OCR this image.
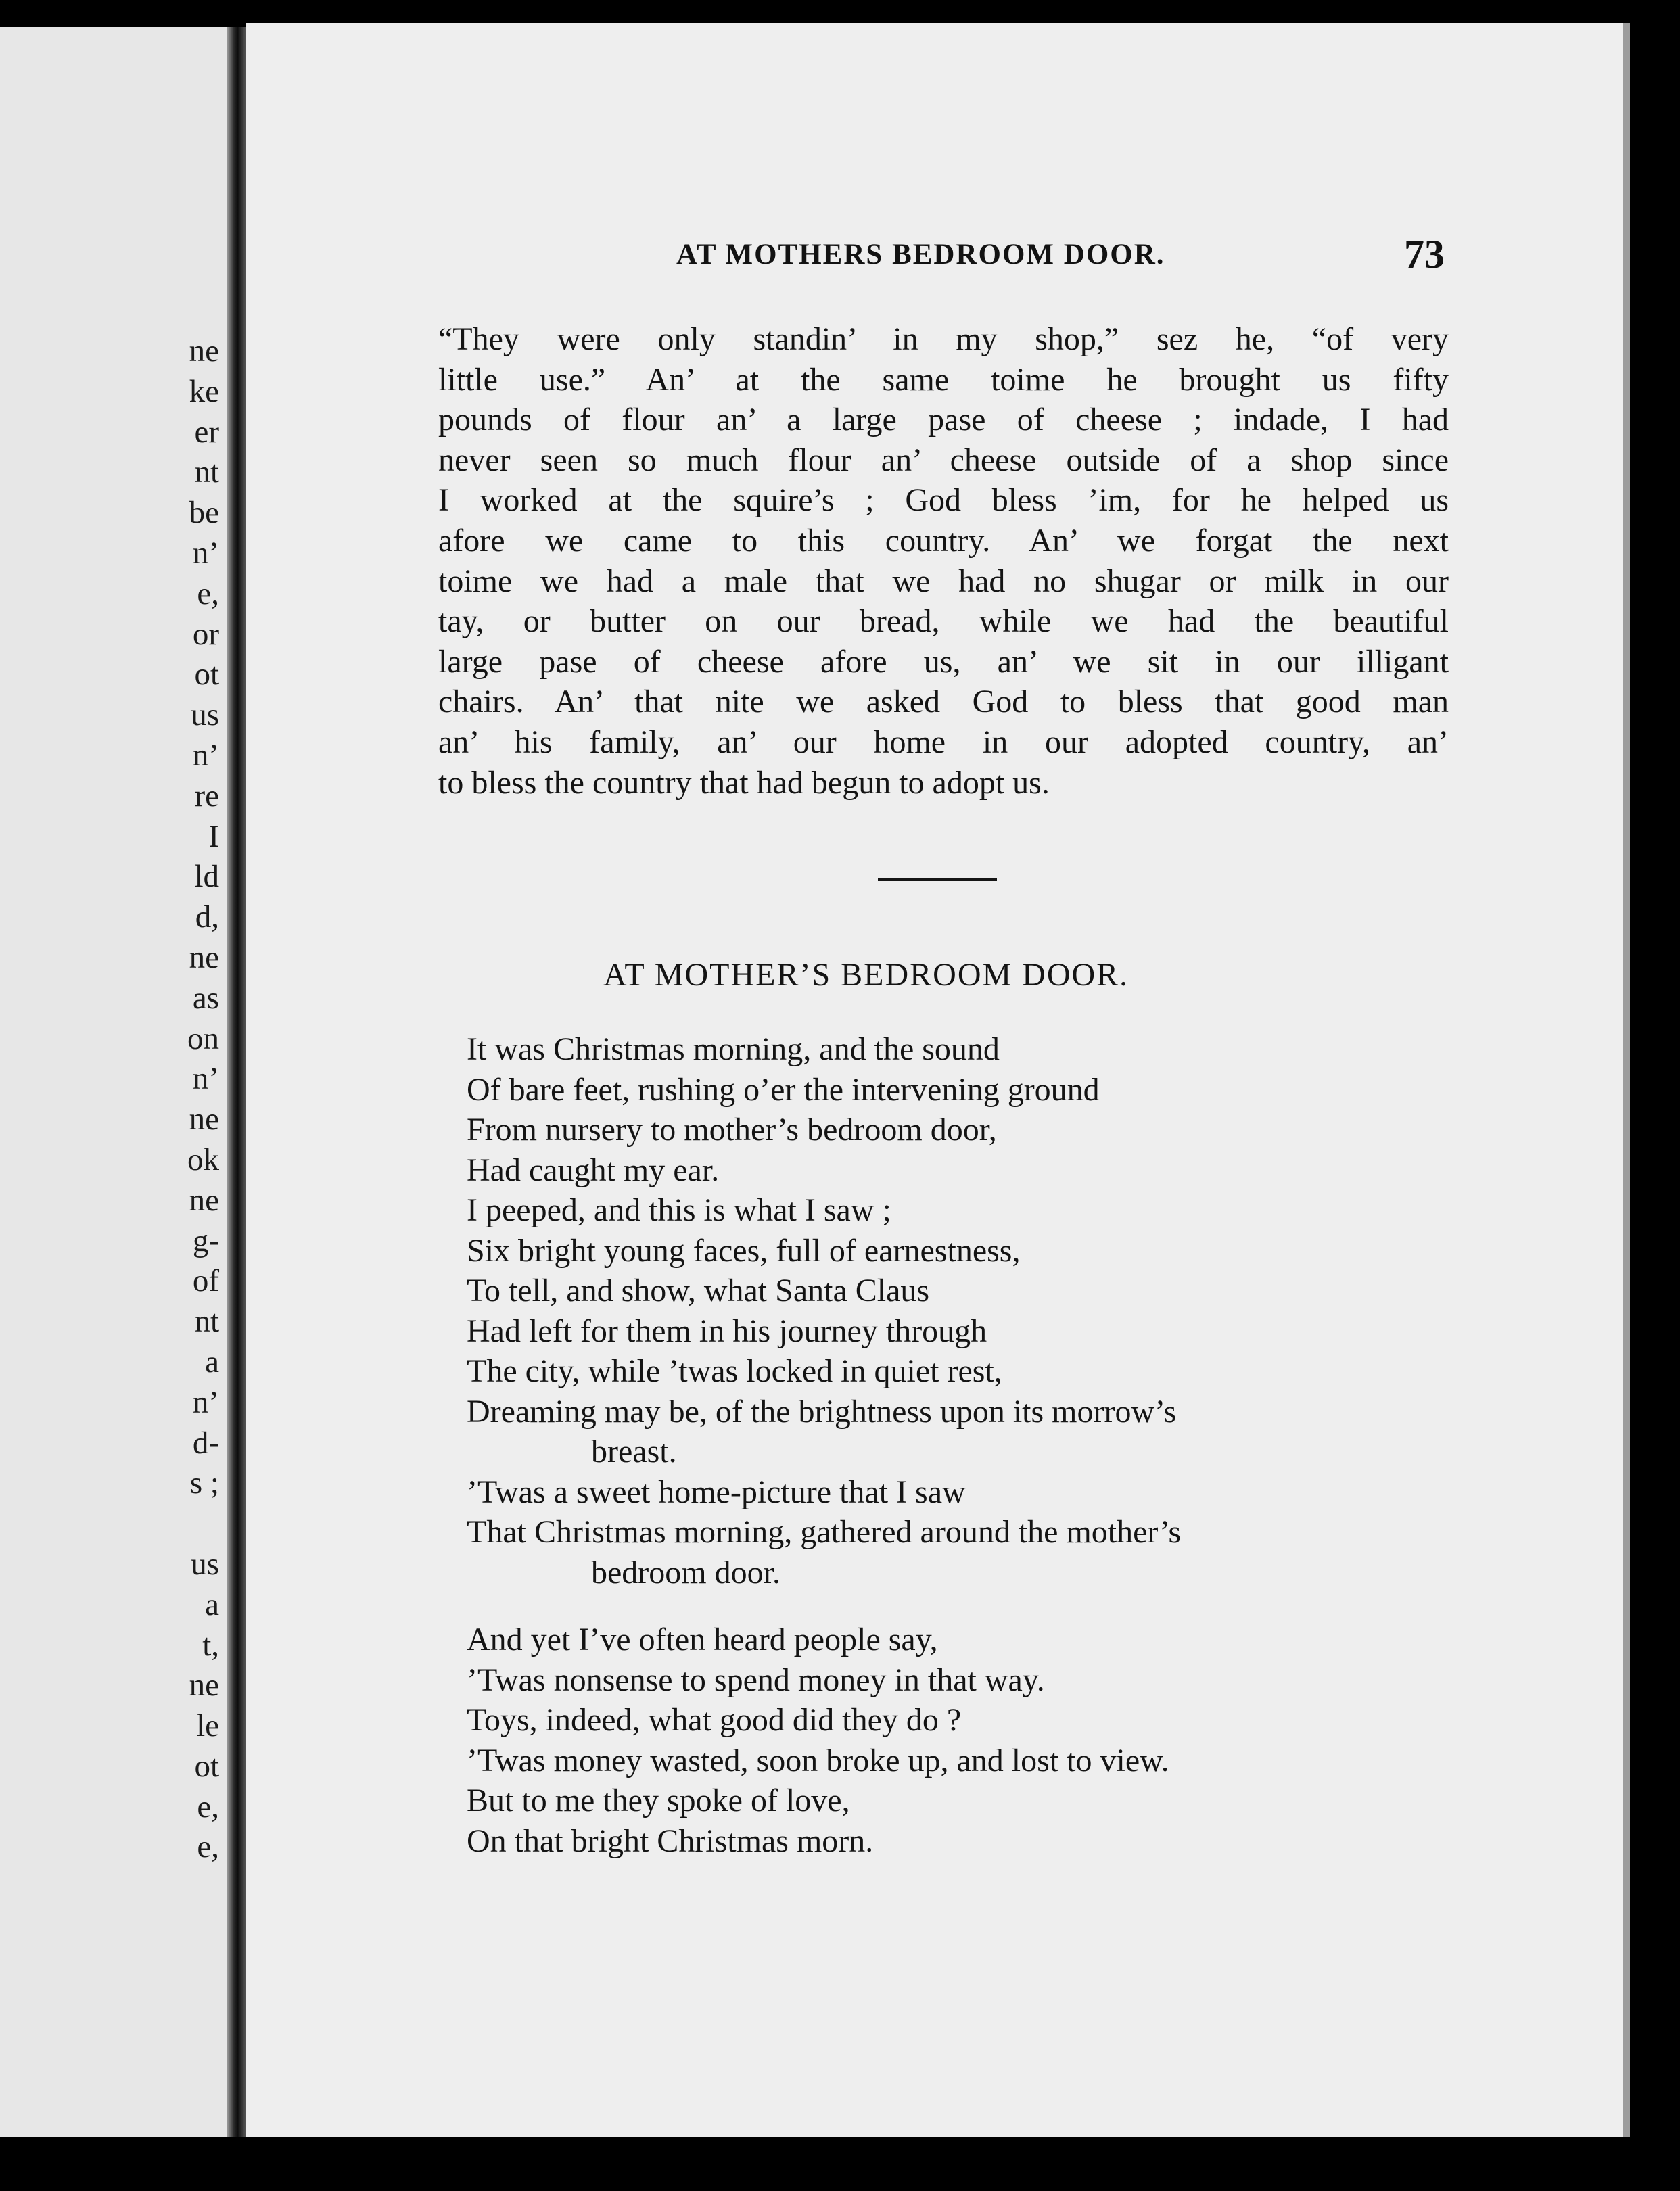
ne
ke
er
nt
be
n’
e,
or
ot
us
n’
re
I
ld
d,
ne
as
on
n’
ne
ok
ne
g-
of
nt
a
n’
d-
s ;
us
a
t,
ne
le
ot
e,
e,
AT MOTHERS BEDROOM DOOR.	73
“They were only standin’ in my shop,” sez he, “of very
little use.” An’ at the same toime he brought us fifty
pounds of flour an’ a large pase of cheese ; indade, I had
never seen so much flour an’ cheese outside of a shop since
I worked at the squire’s ; God bless ’im, for he helped us
afore we came to this country. An’ we forgat the next
toime we had a male that we had no shugar or milk in our
tay, or butter on our bread, while we had the beautiful
large pase of cheese afore us, an’ we sit in our illigant
chairs. An’ that nite we asked God to bless that good man
an’ his family, an’ our home in our adopted country, an’
to bless the country that had begun to adopt us.
AT MOTHER’S BEDROOM DOOR.
It was Christmas morning, and the sound
Of bare feet, rushing o’er the intervening ground
From nursery to mother’s bedroom door,
Had caught my ear.
I peeped, and this is what I saw ;
Six bright young faces, full of earnestness,
To tell, and show, what Santa Claus
Had left for them in his journey through
The city, while ’twas locked in quiet rest,
Dreaming may be, of the brightness upon its morrow’s
breast.
’Twas a sweet home-picture that I saw
That Christmas morning, gathered around the mother’s
bedroom door.
And yet I’ve often heard people say,
’Twas nonsense to spend money in that way.
Toys, indeed, what good did they do ?
’Twas money wasted, soon broke up, and lost to view.
But to me they spoke of love,
On that bright Christmas morn.
